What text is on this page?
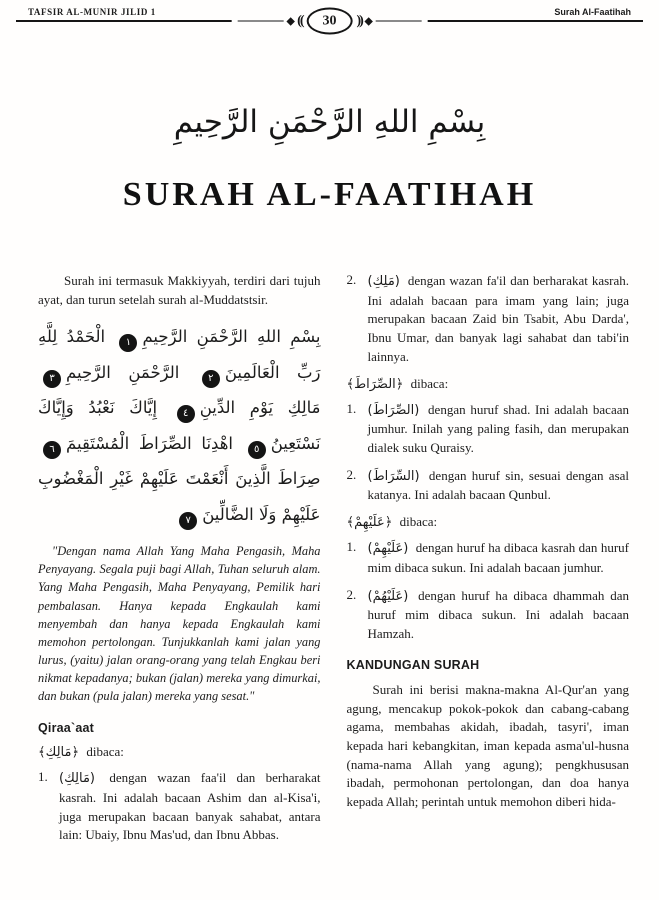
TAFSIR AL-MUNIR JILID 1	Surah Al-Faatihah
((	30	))
بِسْمِ اللهِ الرَّحْمَنِ الرَّحِيمِ
SURAH AL-FAATIHAH

Surah ini termasuk Makkiyyah, terdiri dari tujuh ayat, dan turun setelah surah al-Muddatstsir.

بِسْمِ اللهِ الرَّحْمَنِ الرَّحِيمِ١ الْحَمْدُ لِلَّهِ رَبِّ الْعَالَمِينَ٢ الرَّحْمَنِ الرَّحِيمِ٣ مَالِكِ يَوْمِ الدِّينِ٤ إِيَّاكَ نَعْبُدُ وَإِيَّاكَ نَسْتَعِينُ٥ اهْدِنَا الصِّرَاطَ الْمُسْتَقِيمَ٦ صِرَاطَ الَّذِينَ أَنْعَمْتَ عَلَيْهِمْ غَيْرِ الْمَغْضُوبِ عَلَيْهِمْ وَلَا الضَّالِّينَ٧

"Dengan nama Allah Yang Maha Pengasih, Maha Penyayang. Segala puji bagi Allah, Tuhan seluruh alam. Yang Maha Pengasih, Maha Penyayang, Pemilik hari pembalasan. Hanya kepada Engkaulah kami menyembah dan hanya kepada Engkaulah kami memohon pertolongan. Tunjukkanlah kami jalan yang lurus, (yaitu) jalan orang-orang yang telah Engkau beri nikmat kepadanya; bukan (jalan) mereka yang dimurkai, dan bukan (pula jalan) mereka yang sesat."

Qiraa`aat

﴿مَالِكِ﴾ dibaca:

1. (مَالِكِ) dengan wazan faa'il dan berharakat kasrah. Ini adalah bacaan Ashim dan al-Kisa'i, juga merupakan bacaan banyak sahabat, antara lain: Ubaiy, Ibnu Mas'ud, dan Ibnu Abbas.
2. (مَلِكِ) dengan wazan fa'il dan berharakat kasrah. Ini adalah bacaan para imam yang lain; juga merupakan bacaan Zaid bin Tsabit, Abu Darda', Ibnu Umar, dan banyak lagi sahabat dan tabi'in lainnya.

﴿الصِّرَاطَ﴾ dibaca:

1. (الصِّرَاطَ) dengan huruf shad. Ini adalah bacaan jumhur. Inilah yang paling fasih, dan merupakan dialek suku Quraisy.
2. (السِّرَاطَ) dengan huruf sin, sesuai dengan asal katanya. Ini adalah bacaan Qunbul.

﴿عَلَيْهِمْ﴾ dibaca:

1. (عَلَيْهِمْ) dengan huruf ha dibaca kasrah dan huruf mim dibaca sukun. Ini adalah bacaan jumhur.
2. (عَلَيْهُمْ) dengan huruf ha dibaca dhammah dan huruf mim dibaca sukun. Ini adalah bacaan Hamzah.
KANDUNGAN SURAH

Surah ini berisi makna-makna Al-Qur'an yang agung, mencakup pokok-pokok dan cabang-cabang agama, membahas akidah, ibadah, tasyri', iman kepada hari kebangkitan, iman kepada asma'ul-husna (nama-nama Allah yang agung); pengkhususan ibadah, permohonan pertolongan, dan doa hanya kepada Allah; perintah untuk memohon diberi hida-
